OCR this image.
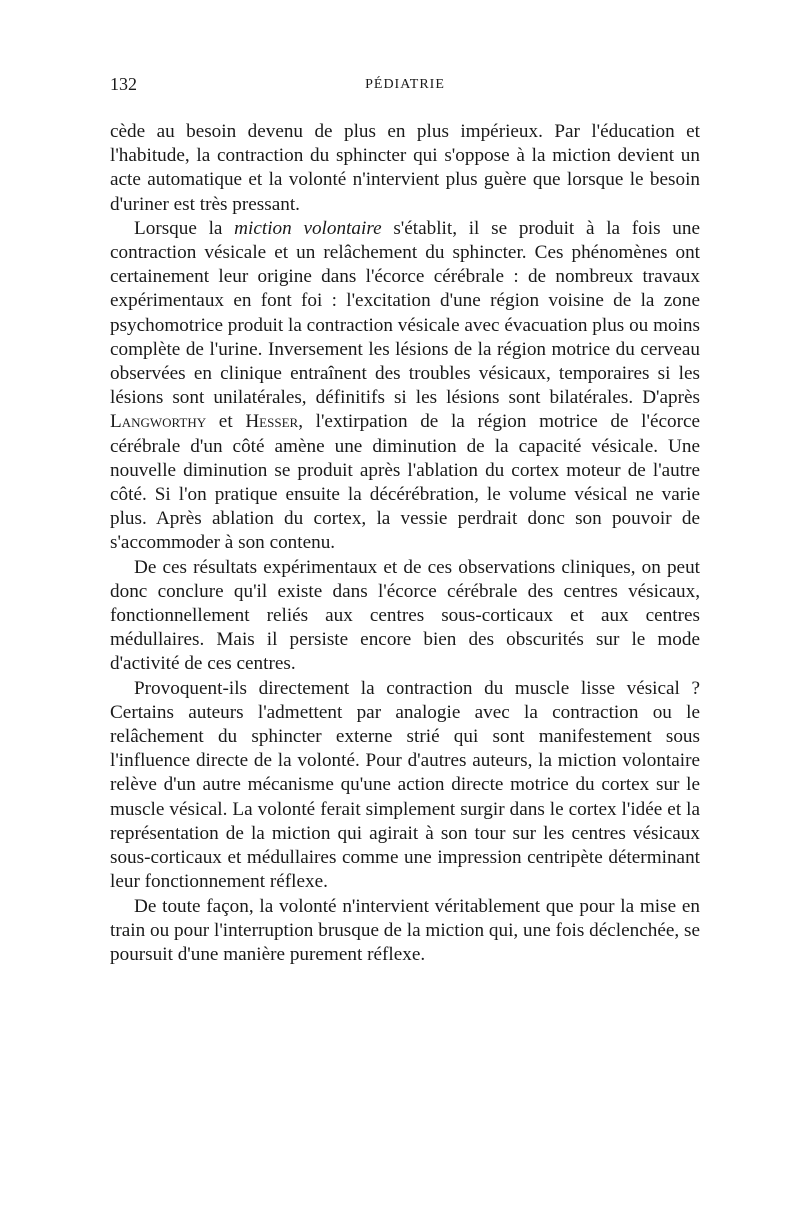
132	PÉDIATRIE

cède au besoin devenu de plus en plus impérieux. Par l'éducation et l'habitude, la contraction du sphincter qui s'oppose à la miction devient un acte automatique et la volonté n'intervient plus guère que lorsque le besoin d'uriner est très pressant.

Lorsque la miction volontaire s'établit, il se produit à la fois une contraction vésicale et un relâchement du sphincter. Ces phénomènes ont certainement leur origine dans l'écorce cérébrale : de nombreux travaux expérimentaux en font foi : l'excitation d'une région voisine de la zone psychomotrice produit la contraction vésicale avec évacuation plus ou moins complète de l'urine. Inversement les lésions de la région motrice du cerveau observées en clinique entraînent des troubles vésicaux, temporaires si les lésions sont unilatérales, définitifs si les lésions sont bilatérales. D'après Langworthy et Hesser, l'extirpation de la région motrice de l'écorce cérébrale d'un côté amène une diminution de la capacité vésicale. Une nouvelle diminution se produit après l'ablation du cortex moteur de l'autre côté. Si l'on pratique ensuite la décérébration, le volume vésical ne varie plus. Après ablation du cortex, la vessie perdrait donc son pouvoir de s'accommoder à son contenu.

De ces résultats expérimentaux et de ces observations cliniques, on peut donc conclure qu'il existe dans l'écorce cérébrale des centres vésicaux, fonctionnellement reliés aux centres sous-corticaux et aux centres médullaires. Mais il persiste encore bien des obscurités sur le mode d'activité de ces centres.

Provoquent-ils directement la contraction du muscle lisse vésical ? Certains auteurs l'admettent par analogie avec la contraction ou le relâchement du sphincter externe strié qui sont manifestement sous l'influence directe de la volonté. Pour d'autres auteurs, la miction volontaire relève d'un autre mécanisme qu'une action directe motrice du cortex sur le muscle vésical. La volonté ferait simplement surgir dans le cortex l'idée et la représentation de la miction qui agirait à son tour sur les centres vésicaux sous-corticaux et médullaires comme une impression centripète déterminant leur fonctionnement réflexe.

De toute façon, la volonté n'intervient véritablement que pour la mise en train ou pour l'interruption brusque de la miction qui, une fois déclenchée, se poursuit d'une manière purement réflexe.
